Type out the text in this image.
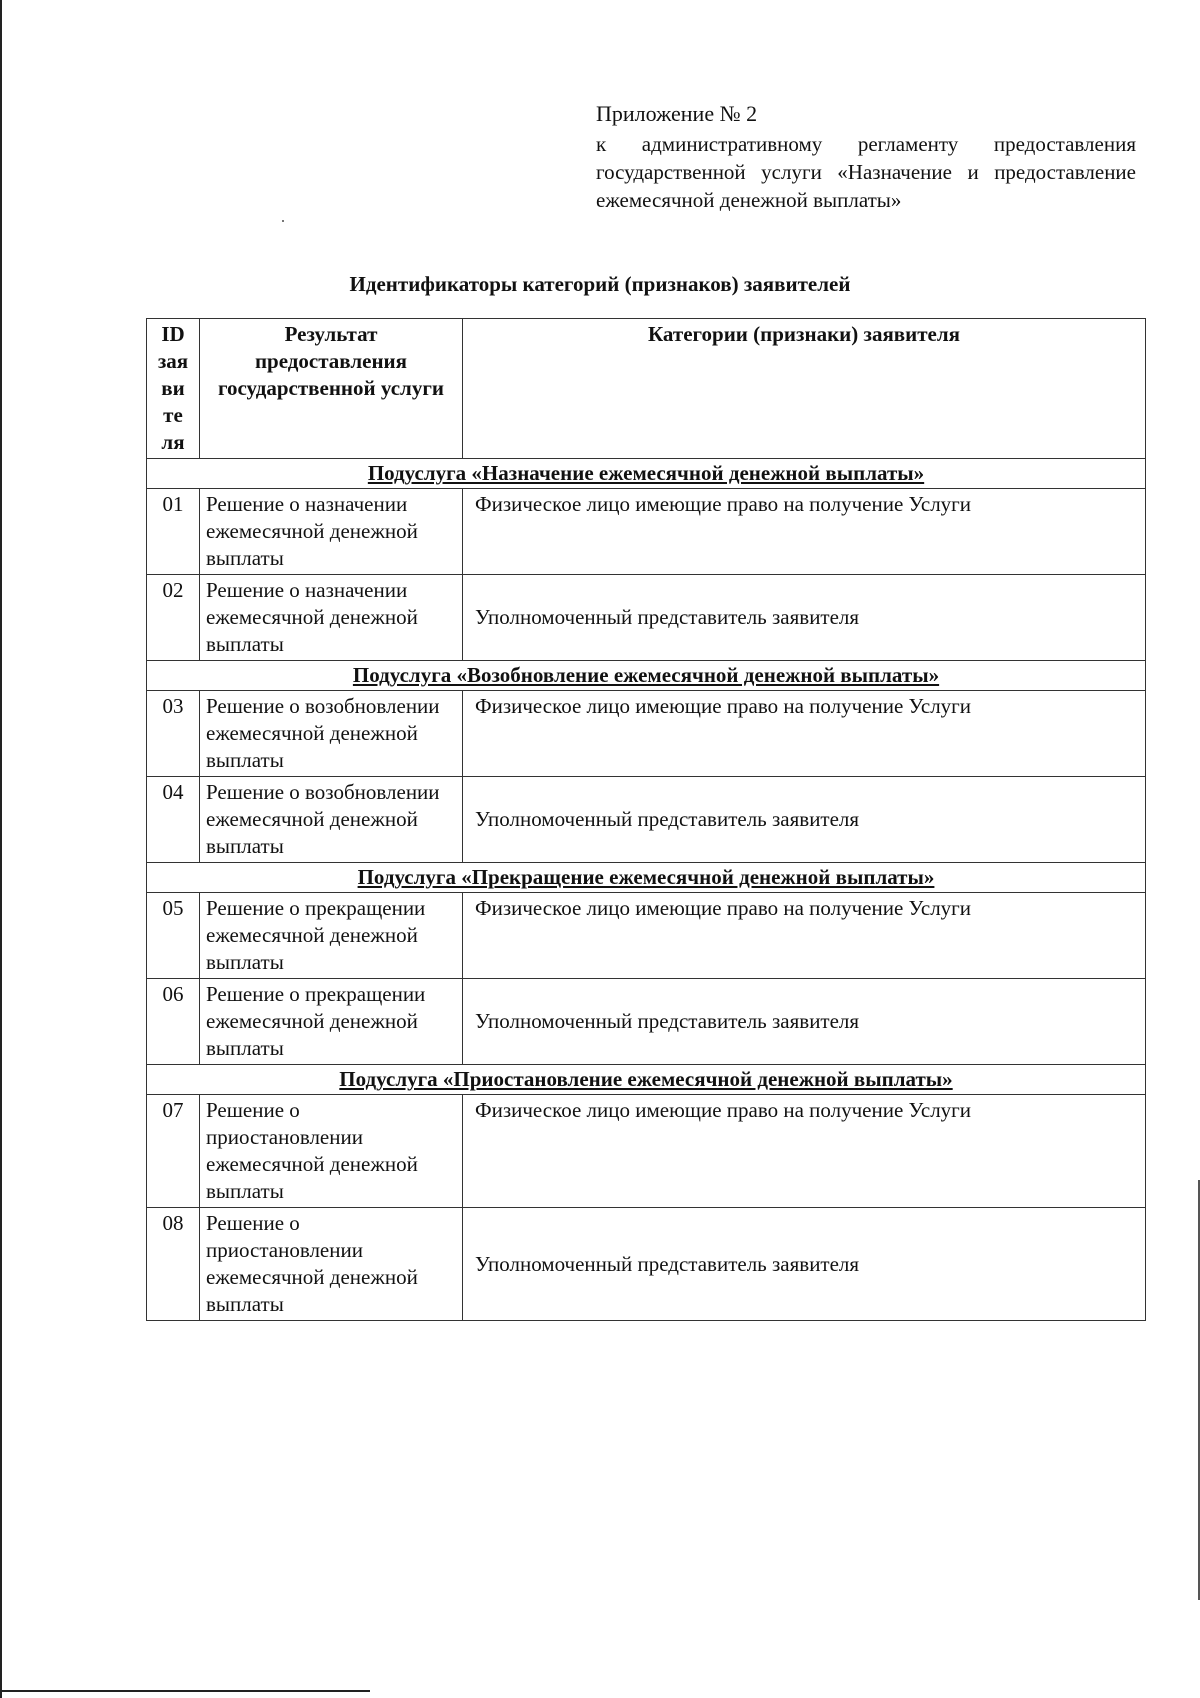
Приложение № 2
к административному регламенту предоставления государственной услуги «Назначение и предоставление ежемесячной денежной выплаты»
Идентификаторы категорий (признаков) заявителей
ID
зая
ви
те
ля	Результат предоставления государственной услуги	Категории (признаки) заявителя
Подуслуга «Назначение ежемесячной денежной выплаты»		
01	Решение о назначении ежемесячной денежной выплаты	Физическое лицо имеющие право на получение Услуги
02	Решение о назначении ежемесячной денежной выплаты	Уполномоченный представитель заявителя
Подуслуга «Возобновление ежемесячной денежной выплаты»		
03	Решение о возобновлении ежемесячной денежной выплаты	Физическое лицо имеющие право на получение Услуги
04	Решение о возобновлении ежемесячной денежной выплаты	Уполномоченный представитель заявителя
Подуслуга «Прекращение ежемесячной денежной выплаты»		
05	Решение о прекращении ежемесячной денежной выплаты	Физическое лицо имеющие право на получение Услуги
06	Решение о прекращении ежемесячной денежной выплаты	Уполномоченный представитель заявителя
Подуслуга «Приостановление ежемесячной денежной выплаты»		
07	Решение о приостановлении ежемесячной денежной выплаты	Физическое лицо имеющие право на получение Услуги
08	Решение о приостановлении ежемесячной денежной выплаты	Уполномоченный представитель заявителя
